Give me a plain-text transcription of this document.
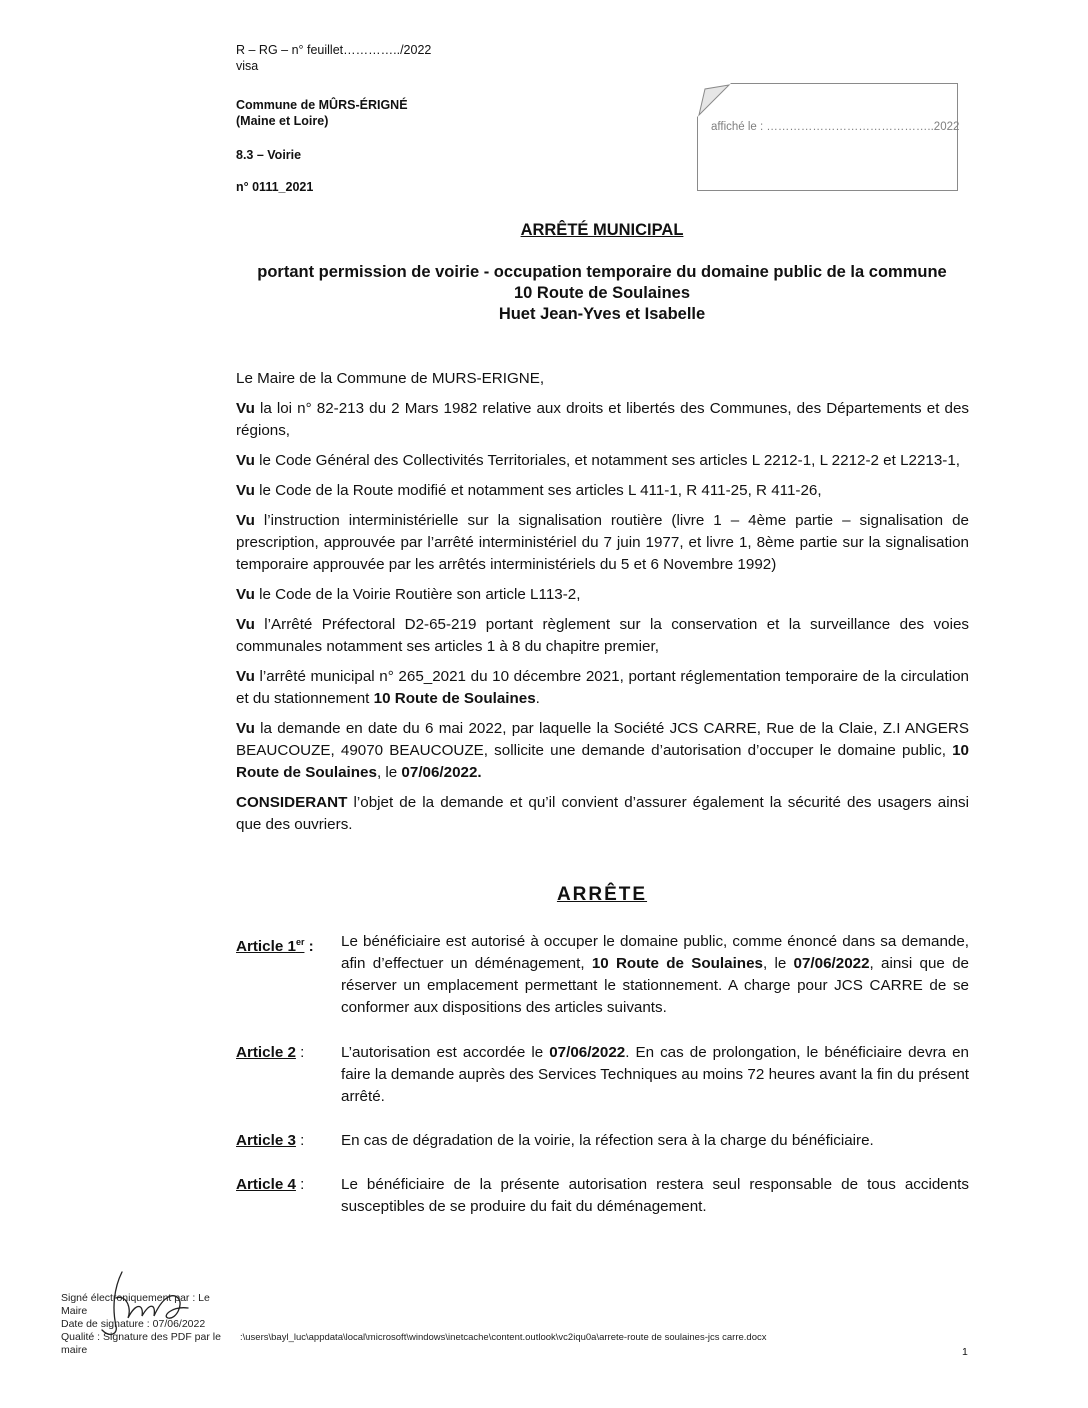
R – RG – n° feuillet…………../2022
visa
Commune de MÛRS-ÉRIGNÉ
(Maine et Loire)
8.3 – Voirie
n° 0111_2021
affiché le : ……………………………………..2022
ARRÊTÉ MUNICIPAL
portant permission de voirie - occupation temporaire du domaine public de la commune
10 Route de Soulaines
Huet Jean-Yves et Isabelle

Le Maire de la Commune de MURS-ERIGNE,

Vu la loi n° 82-213 du 2 Mars 1982 relative aux droits et libertés des Communes, des Départements et des régions,

Vu le Code Général des Collectivités Territoriales, et notamment ses articles L 2212-1, L 2212-2 et L2213-1,

Vu le Code de la Route modifié et notamment ses articles L 411-1, R 411-25, R 411-26,

Vu l’instruction interministérielle sur la signalisation routière (livre 1 – 4ème partie – signalisation de prescription, approuvée par l’arrêté interministériel du 7 juin 1977, et livre 1, 8ème partie sur la signalisation temporaire approuvée par les arrêtés interministériels du 5 et 6 Novembre 1992)

Vu le Code de la Voirie Routière son article L113-2,

Vu l’Arrêté Préfectoral D2-65-219 portant règlement sur la conservation et la surveillance des voies communales notamment ses articles 1 à 8 du chapitre premier,

Vu l’arrêté municipal n° 265_2021 du 10 décembre 2021, portant réglementation temporaire de la circulation et du stationnement 10 Route de Soulaines.

Vu la demande en date du 6 mai 2022, par laquelle la Société JCS CARRE, Rue de la Claie, Z.I ANGERS BEAUCOUZE, 49070 BEAUCOUZE, sollicite une demande d’autorisation d’occuper le domaine public, 10 Route de Soulaines, le 07/06/2022.

CONSIDERANT l’objet de la demande et qu’il convient d’assurer également la sécurité des usagers ainsi que des ouvriers.

ARRÊTE
Article 1er : Le bénéficiaire est autorisé à occuper le domaine public, comme énoncé dans sa demande, afin d’effectuer un déménagement, 10 Route de Soulaines, le 07/06/2022, ainsi que de réserver un emplacement permettant le stationnement. A charge pour JCS CARRE de se conformer aux dispositions des articles suivants.
Article 2 : L’autorisation est accordée le 07/06/2022. En cas de prolongation, le bénéficiaire devra en faire la demande auprès des Services Techniques au moins 72 heures avant la fin du présent arrêté.
Article 3 : En cas de dégradation de la voirie, la réfection sera à la charge du bénéficiaire.
Article 4 : Le bénéficiaire de la présente autorisation restera seul responsable de tous accidents susceptibles de se produire du fait du déménagement.
Signé électroniquement par : Le Maire
Date de signature : 07/06/2022
Qualité : Signature des PDF par le maire
:\users\bayl_luc\appdata\local\microsoft\windows\inetcache\content.outlook\vc2iqu0a\arrete-route de soulaines-jcs carre.docx
1
